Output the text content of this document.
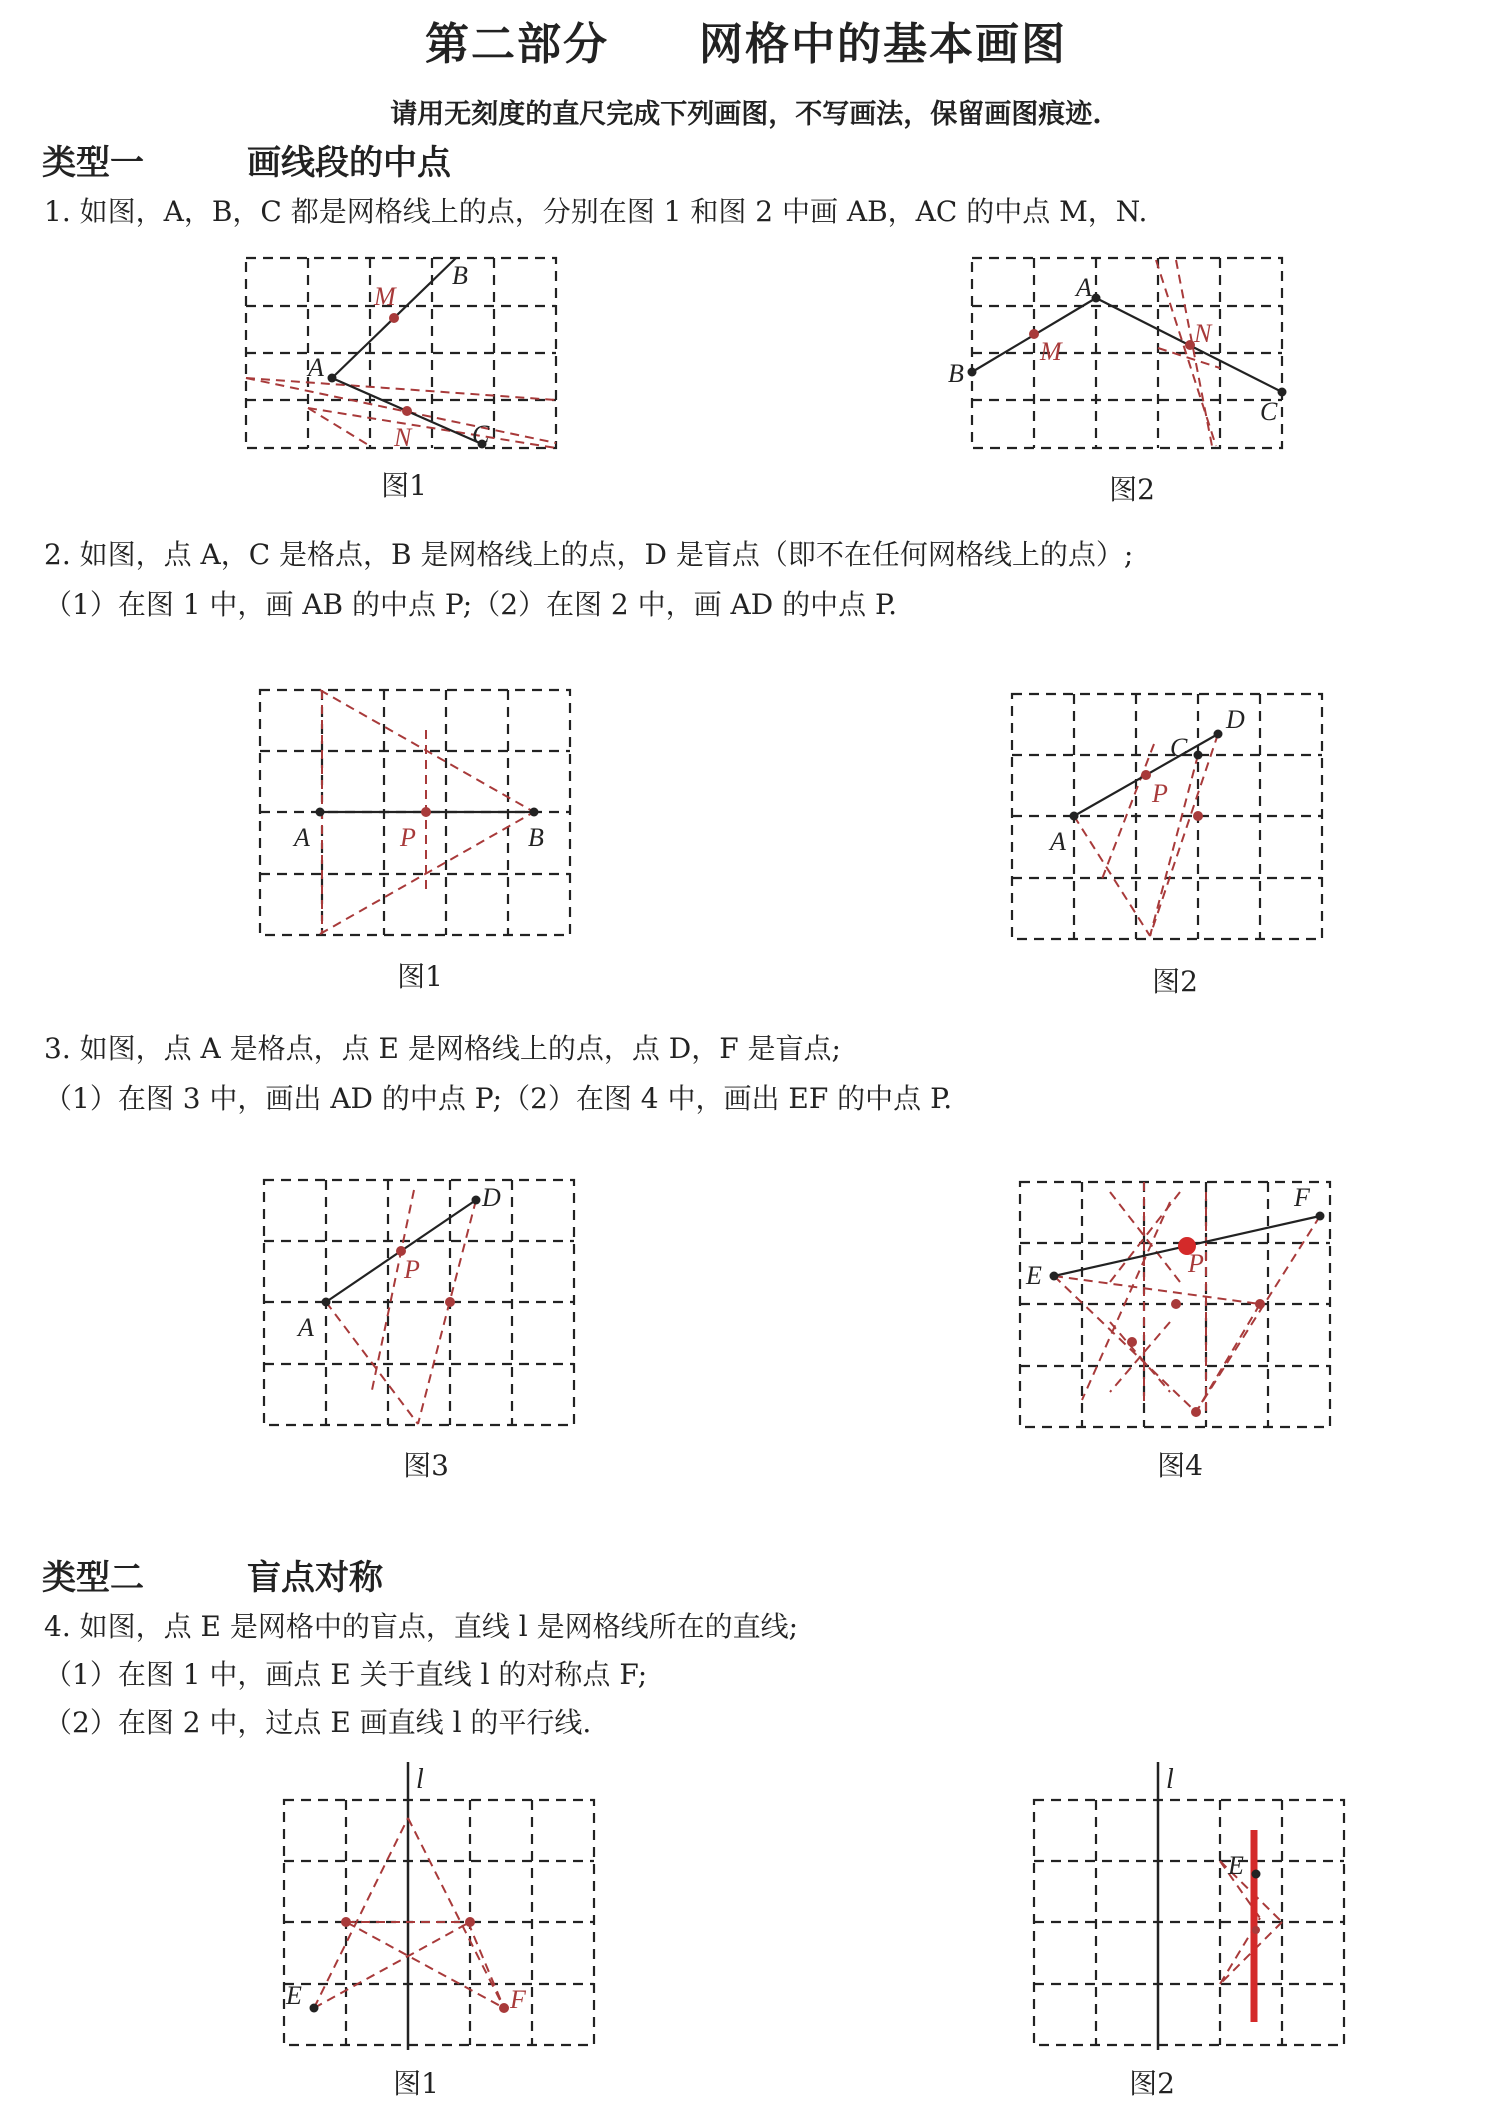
第二部分 网格中的基本画图
请用无刻度的直尺完成下列画图，不写画法，保留画图痕迹.
类型一	画线段的中点
1. 如图，A，B，C 都是网格线上的点，分别在图 1 和图 2 中画 AB，AC 的中点 M，N.
A
B
C
M
N
图1
A
B
C
M
N
图2
2. 如图，点 A，C 是格点，B 是网格线上的点，D 是盲点（即不在任何网格线上的点）;
（1）在图 1 中，画 AB 的中点 P;（2）在图 2 中，画 AD 的中点 P.
A	B
P
图1
A
C
D
P
图2
3. 如图，点 A 是格点，点 E 是网格线上的点，点 D，F 是盲点;
（1）在图 3 中，画出 AD 的中点 P;（2）在图 4 中，画出 EF 的中点 P.
A
D
P
图3
E
F
P
图4
类型二	盲点对称
4. 如图，点 E 是网格中的盲点，直线 l 是网格线所在的直线;
（1）在图 1 中，画点 E 关于直线 l 的对称点 F;
（2）在图 2 中，过点 E 画直线 l 的平行线.
E	F
l
图1
E
l
图2
